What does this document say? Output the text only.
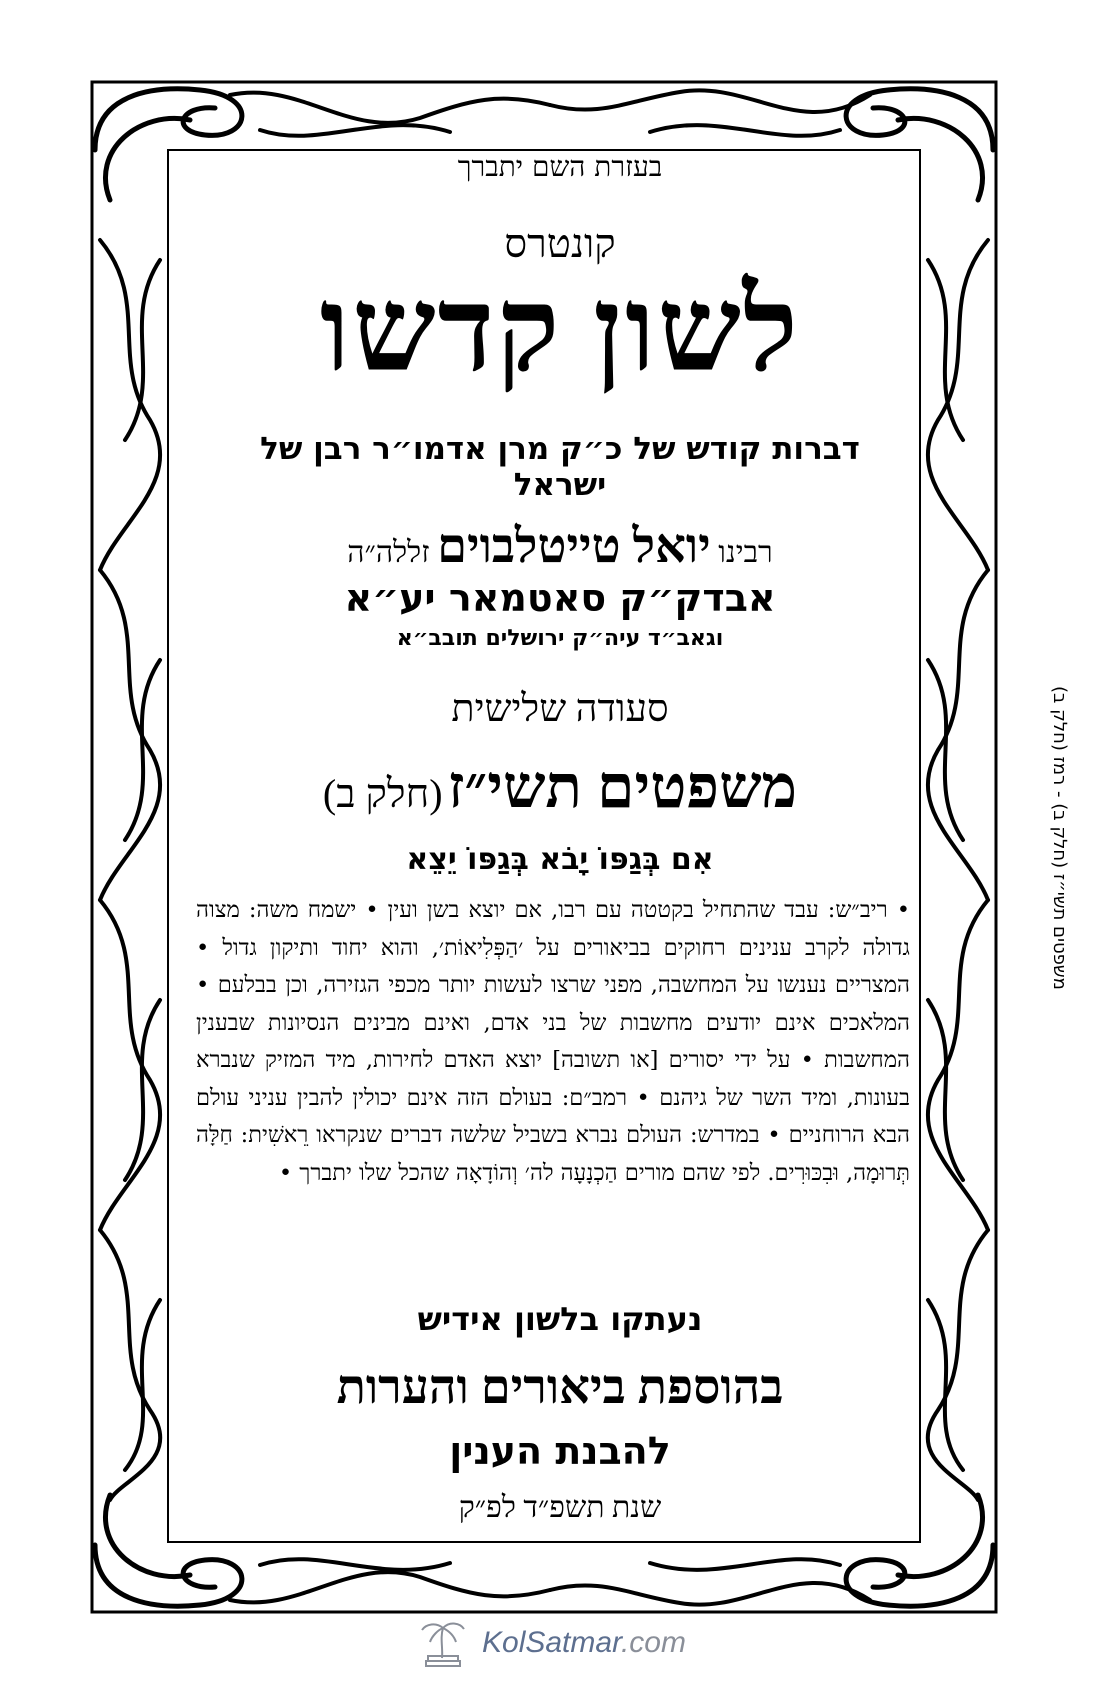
בעזרת השם יתברך
קונטרס
לשון קדשו
דברות קודש של כ״ק מרן אדמו״ר רבן של ישראל
רבינו יואל טייטלבוים זללה״ה
אבדק״ק סאטמאר יע״א
וגאב״ד עיה״ק ירושלים תובב״א
סעודה שלישית
משפטים תשי״ז (חלק ב)
אִם בְּגַפּוֹ יָבֹא בְּגַפּוֹ יֵצֵא

• ריב״ש: עבד שהתחיל בקטטה עם רבו, אם יוצא בשן ועין • ישמח משה: מצוה גדולה לקרב ענינים רחוקים בביאורים על ׳הַפְּלִיאוֹת׳, והוא יחוד ותיקון גדול • המצריים נענשו על המחשבה, מפני שרצו לעשות יותר מכפי הגזירה, וכן בבלעם • המלאכים אינם יודעים מחשבות של בני אדם, ואינם מבינים הנסיונות שבענין המחשבות • על ידי יסורים [או תשובה] יוצא האדם לחירות, מיד המזיק שנברא בעונות, ומיד השר של גיהנם • רמב״ם: בעולם הזה אינם יכולין להבין עניני עולם הבא הרוחניים • במדרש: העולם נברא בשביל שלשה דברים שנקראו רֵאשִׁית: חַלָּה תְּרוּמָה, וּבִכּוּרִים. לפי שהם מורים הַכְנָעָה לה׳ וְהוֹדָאָה שהכל שלו יתברך •

נעתקו בלשון אידיש
בהוספת ביאורים והערות
להבנת הענין
שנת תשפ״ד לפ״ק
משפטים תשי״ז (חלק ב) - רמז (חלק ב)
KolSatmar.com
